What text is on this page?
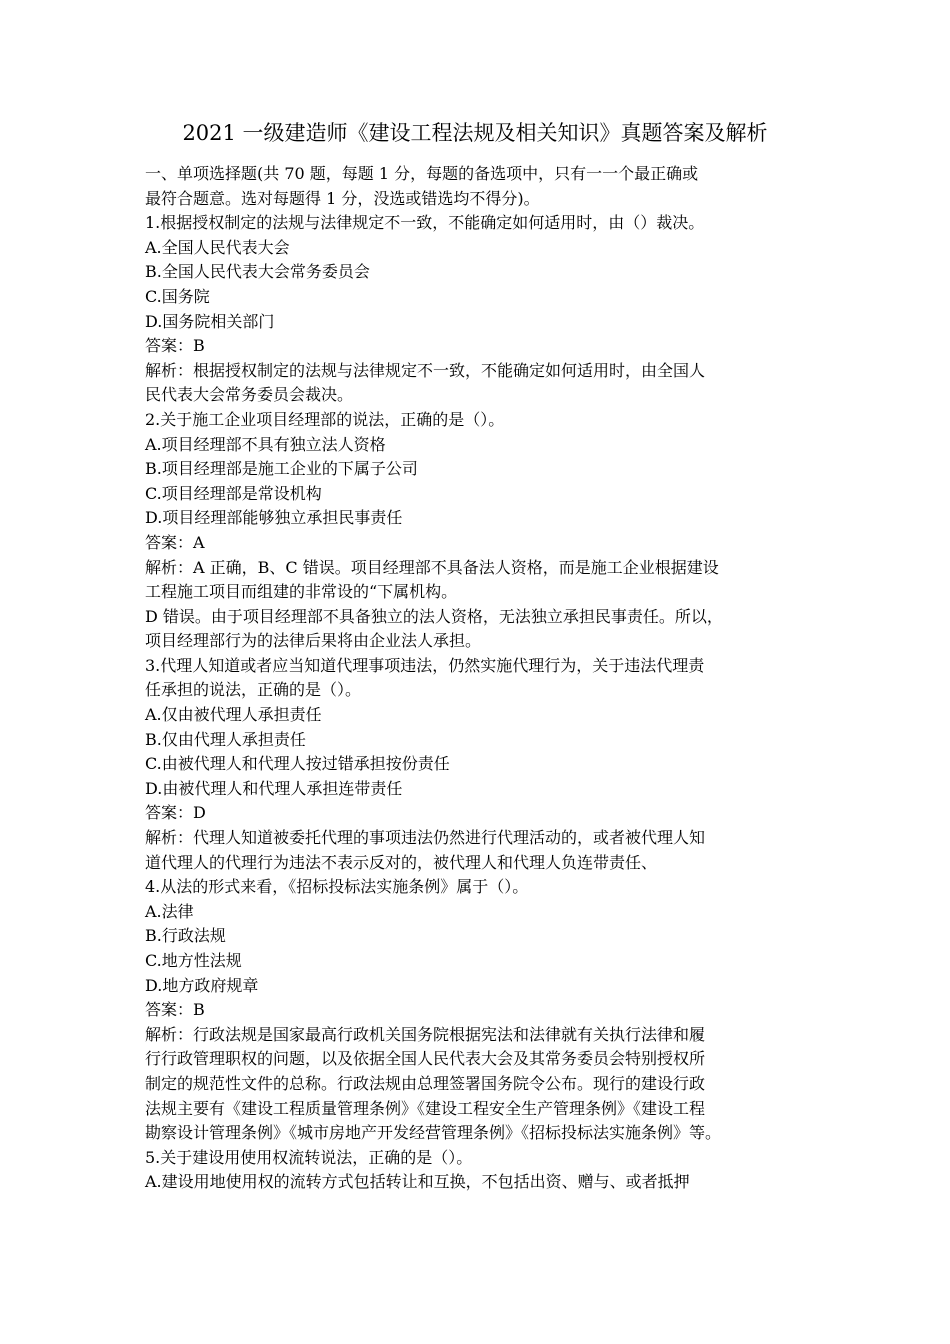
2021 一级建造师《建设工程法规及相关知识》真题答案及解析
一、单项选择题(共 70 题，每题 1 分，每题的备选项中，只有一一个最正确或
最符合题意。选对每题得 1 分，没选或错选均不得分)。
1.根据授权制定的法规与法律规定不一致，不能确定如何适用时，由（）裁决。
A.全国人民代表大会
B.全国人民代表大会常务委员会
C.国务院
D.国务院相关部门
答案：B
解析：根据授权制定的法规与法律规定不一致，不能确定如何适用时，由全国人
民代表大会常务委员会裁决。
2.关于施工企业项目经理部的说法，正确的是（）。
A.项目经理部不具有独立法人资格
B.项目经理部是施工企业的下属子公司
C.项目经理部是常设机构
D.项目经理部能够独立承担民事责任
答案：A
解析：A 正确，B、C 错误。项目经理部不具备法人资格，而是施工企业根据建设
工程施工项目而组建的非常设的“下属机构。
D 错误。由于项目经理部不具备独立的法人资格，无法独立承担民事责任。所以，
项目经理部行为的法律后果将由企业法人承担。
3.代理人知道或者应当知道代理事项违法，仍然实施代理行为，关于违法代理责
任承担的说法，正确的是（）。
A.仅由被代理人承担责任
B.仅由代理人承担责任
C.由被代理人和代理人按过错承担按份责任
D.由被代理人和代理人承担连带责任
答案：D
解析：代理人知道被委托代理的事项违法仍然进行代理活动的，或者被代理人知
道代理人的代理行为违法不表示反对的，被代理人和代理人负连带责任、
4.从法的形式来看，《招标投标法实施条例》属于（）。
A.法律
B.行政法规
C.地方性法规
D.地方政府规章
答案：B
解析：行政法规是国家最高行政机关国务院根据宪法和法律就有关执行法律和履
行行政管理职权的问题，以及依据全国人民代表大会及其常务委员会特别授权所
制定的规范性文件的总称。行政法规由总理签署国务院令公布。现行的建设行政
法规主要有《建设工程质量管理条例》《建设工程安全生产管理条例》《建设工程
勘察设计管理条例》《城市房地产开发经营管理条例》《招标投标法实施条例》等。
5.关于建设用使用权流转说法，正确的是（）。
A.建设用地使用权的流转方式包括转让和互换，不包括出资、赠与、或者抵押
